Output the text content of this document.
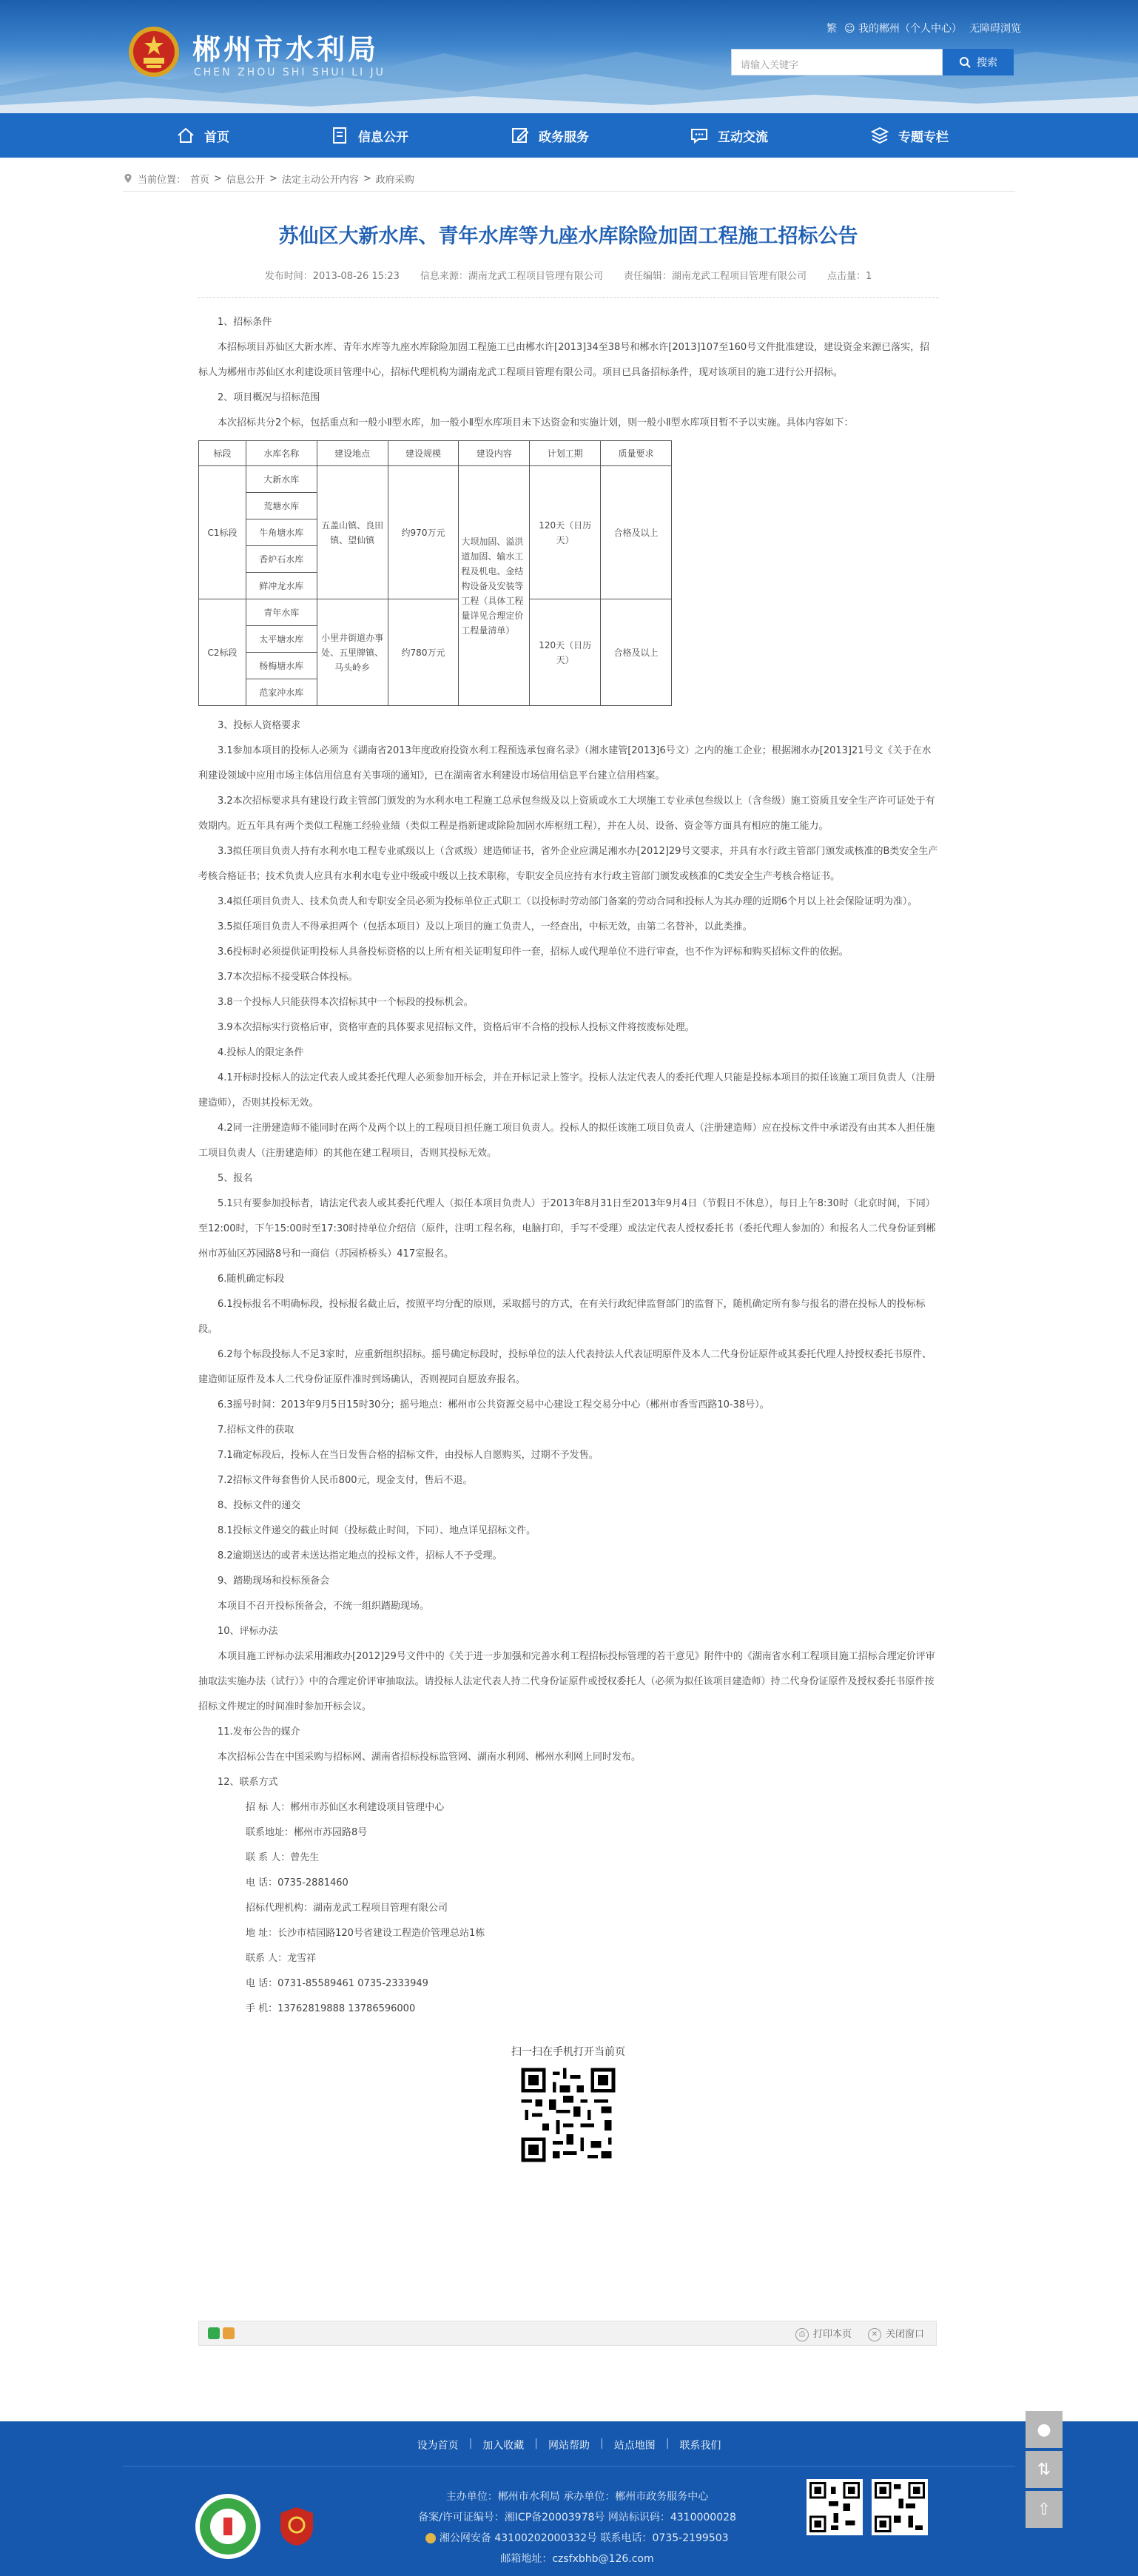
繁 ☺ 我的郴州（个人中心） 无障碍浏览
郴州市水利局
CHEN ZHOU SHI SHUI LI JU
请输入关键字	搜索
首页	信息公开	政务服务	互动交流	专题专栏
当前位置： 首页 > 信息公开 > 法定主动公开内容 > 政府采购
苏仙区大新水库、青年水库等九座水库除险加固工程施工招标公告
发布时间：2013-08-26 15:23 信息来源：湖南龙武工程项目管理有限公司 责任编辑：湖南龙武工程项目管理有限公司 点击量：1
1、招标条件
本招标项目苏仙区大新水库、青年水库等九座水库除险加固工程施工已由郴水许[2013]34至38号和郴水许[2013]107至160号文件批准建设，建设资金来源已落实，招标人为郴州市苏仙区水利建设项目管理中心，招标代理机构为湖南龙武工程项目管理有限公司。项目已具备招标条件，现对该项目的施工进行公开招标。
2、项目概况与招标范围
本次招标共分2个标，包括重点和一般小Ⅱ型水库，加一般小Ⅱ型水库项目未下达资金和实施计划，则一般小Ⅱ型水库项目暂不予以实施。具体内容如下：
标段	水库名称	建设地点	建设规模	建设内容	计划工期	质量要求
C1标段	大新水库	五盖山镇、良田镇、望仙镇	约970万元	大坝加固、溢洪道加固、输水工程及机电、金结构设备及安装等工程（具体工程量详见合理定价工程量清单）	120天（日历天）	合格及以上
	荒塘水库					
	牛角塘水库					
	香炉石水库					
	鲜冲龙水库					
C2标段	青年水库	小里井街道办事处、五里牌镇、马头岭乡	约780万元		120天（日历天）	合格及以上
	太平塘水库					
	杨梅塘水库					
	范家冲水库					
3、投标人资格要求
3.1参加本项目的投标人必须为《湖南省2013年度政府投资水利工程预选承包商名录》（湘水建管[2013]6号文）之内的施工企业；根据湘水办[2013]21号文《关于在水利建设领域中应用市场主体信用信息有关事项的通知》，已在湖南省水利建设市场信用信息平台建立信用档案。
3.2本次招标要求具有建设行政主管部门颁发的为水利水电工程施工总承包叁级及以上资质或水工大坝施工专业承包叁级以上（含叁级）施工资质且安全生产许可证处于有效期内。近五年具有两个类似工程施工经验业绩（类似工程是指新建或除险加固水库枢纽工程），并在人员、设备、资金等方面具有相应的施工能力。
3.3拟任项目负责人持有水利水电工程专业贰级以上（含贰级）建造师证书，省外企业应满足湘水办[2012]29号文要求，并具有水行政主管部门颁发或核准的B类安全生产考核合格证书；技术负责人应具有水利水电专业中级或中级以上技术职称，专职安全员应持有水行政主管部门颁发或核准的C类安全生产考核合格证书。
3.4拟任项目负责人、技术负责人和专职安全员必须为投标单位正式职工（以投标时劳动部门备案的劳动合同和投标人为其办理的近期6个月以上社会保险证明为准）。
3.5拟任项目负责人不得承担两个（包括本项目）及以上项目的施工负责人，一经查出，中标无效，由第二名替补，以此类推。
3.6投标时必须提供证明投标人具备投标资格的以上所有相关证明复印件一套，招标人或代理单位不进行审查，也不作为评标和购买招标文件的依据。
3.7本次招标不接受联合体投标。
3.8一个投标人只能获得本次招标其中一个标段的投标机会。
3.9本次招标实行资格后审，资格审查的具体要求见招标文件，资格后审不合格的投标人投标文件将按废标处理。
4.投标人的限定条件
4.1开标时投标人的法定代表人或其委托代理人必须参加开标会，并在开标记录上签字。投标人法定代表人的委托代理人只能是投标本项目的拟任该施工项目负责人（注册建造师），否则其投标无效。
4.2同一注册建造师不能同时在两个及两个以上的工程项目担任施工项目负责人。投标人的拟任该施工项目负责人（注册建造师）应在投标文件中承诺没有由其本人担任施工项目负责人（注册建造师）的其他在建工程项目，否则其投标无效。
5、报名
5.1只有要参加投标者，请法定代表人或其委托代理人（拟任本项目负责人）于2013年8月31日至2013年9月4日（节假日不休息），每日上午8:30时（北京时间，下同）至12:00时，下午15:00时至17:30时持单位介绍信（原件，注明工程名称，电脑打印，手写不受理）或法定代表人授权委托书（委托代理人参加的）和报名人二代身份证到郴州市苏仙区苏园路8号和一商信（苏园桥桥头）417室报名。
6.随机确定标段
6.1投标报名不明确标段，投标报名截止后，按照平均分配的原则，采取摇号的方式，在有关行政纪律监督部门的监督下，随机确定所有参与报名的潜在投标人的投标标段。
6.2每个标段投标人不足3家时，应重新组织招标。摇号确定标段时，投标单位的法人代表持法人代表证明原件及本人二代身份证原件或其委托代理人持授权委托书原件、建造师证原件及本人二代身份证原件准时到场确认，否则视同自愿放弃报名。
6.3摇号时间：2013年9月5日15时30分；摇号地点：郴州市公共资源交易中心建设工程交易分中心（郴州市香雪西路10-38号）。
7.招标文件的获取
7.1确定标段后，投标人在当日发售合格的招标文件，由投标人自愿购买，过期不予发售。
7.2招标文件每套售价人民币800元，现金支付，售后不退。
8、投标文件的递交
8.1投标文件递交的截止时间（投标截止时间，下同）、地点详见招标文件。
8.2逾期送达的或者未送达指定地点的投标文件，招标人不予受理。
9、踏勘现场和投标预备会
本项目不召开投标预备会，不统一组织踏勘现场。
10、评标办法
本项目施工评标办法采用湘政办[2012]29号文件中的《关于进一步加强和完善水利工程招标投标管理的若干意见》附件中的《湖南省水利工程项目施工招标合理定价评审抽取法实施办法（试行）》中的合理定价评审抽取法。请投标人法定代表人持二代身份证原件或授权委托人（必须为拟任该项目建造师）持二代身份证原件及授权委托书原件按招标文件规定的时间准时参加开标会议。
11.发布公告的媒介
本次招标公告在中国采购与招标网、湖南省招标投标监管网、湖南水利网、郴州水利网上同时发布。
12、联系方式
招 标 人：郴州市苏仙区水利建设项目管理中心
联系地址：郴州市苏园路8号
联 系 人：曾先生
电 话：0735-2881460
招标代理机构：湖南龙武工程项目管理有限公司
地 址：长沙市桔园路120号省建设工程造价管理总站1栋
联系 人：龙雪祥
电 话：0731-85589461 0735-2333949
手 机：13762819888 13786596000
扫一扫在手机打开当前页
⎙ 打印本页	✕ 关闭窗口
设为首页 | 加入收藏 | 网站帮助 | 站点地图 | 联系我们
主办单位：郴州市水利局 承办单位：郴州市政务服务中心
备案/许可证编号：湘ICP备20003978号 网站标识码：4310000028
湘公网安备 43100202000332号 联系电话：0735-2199503
邮箱地址：czsfxbhb@126.com
●
⇅
⇧
